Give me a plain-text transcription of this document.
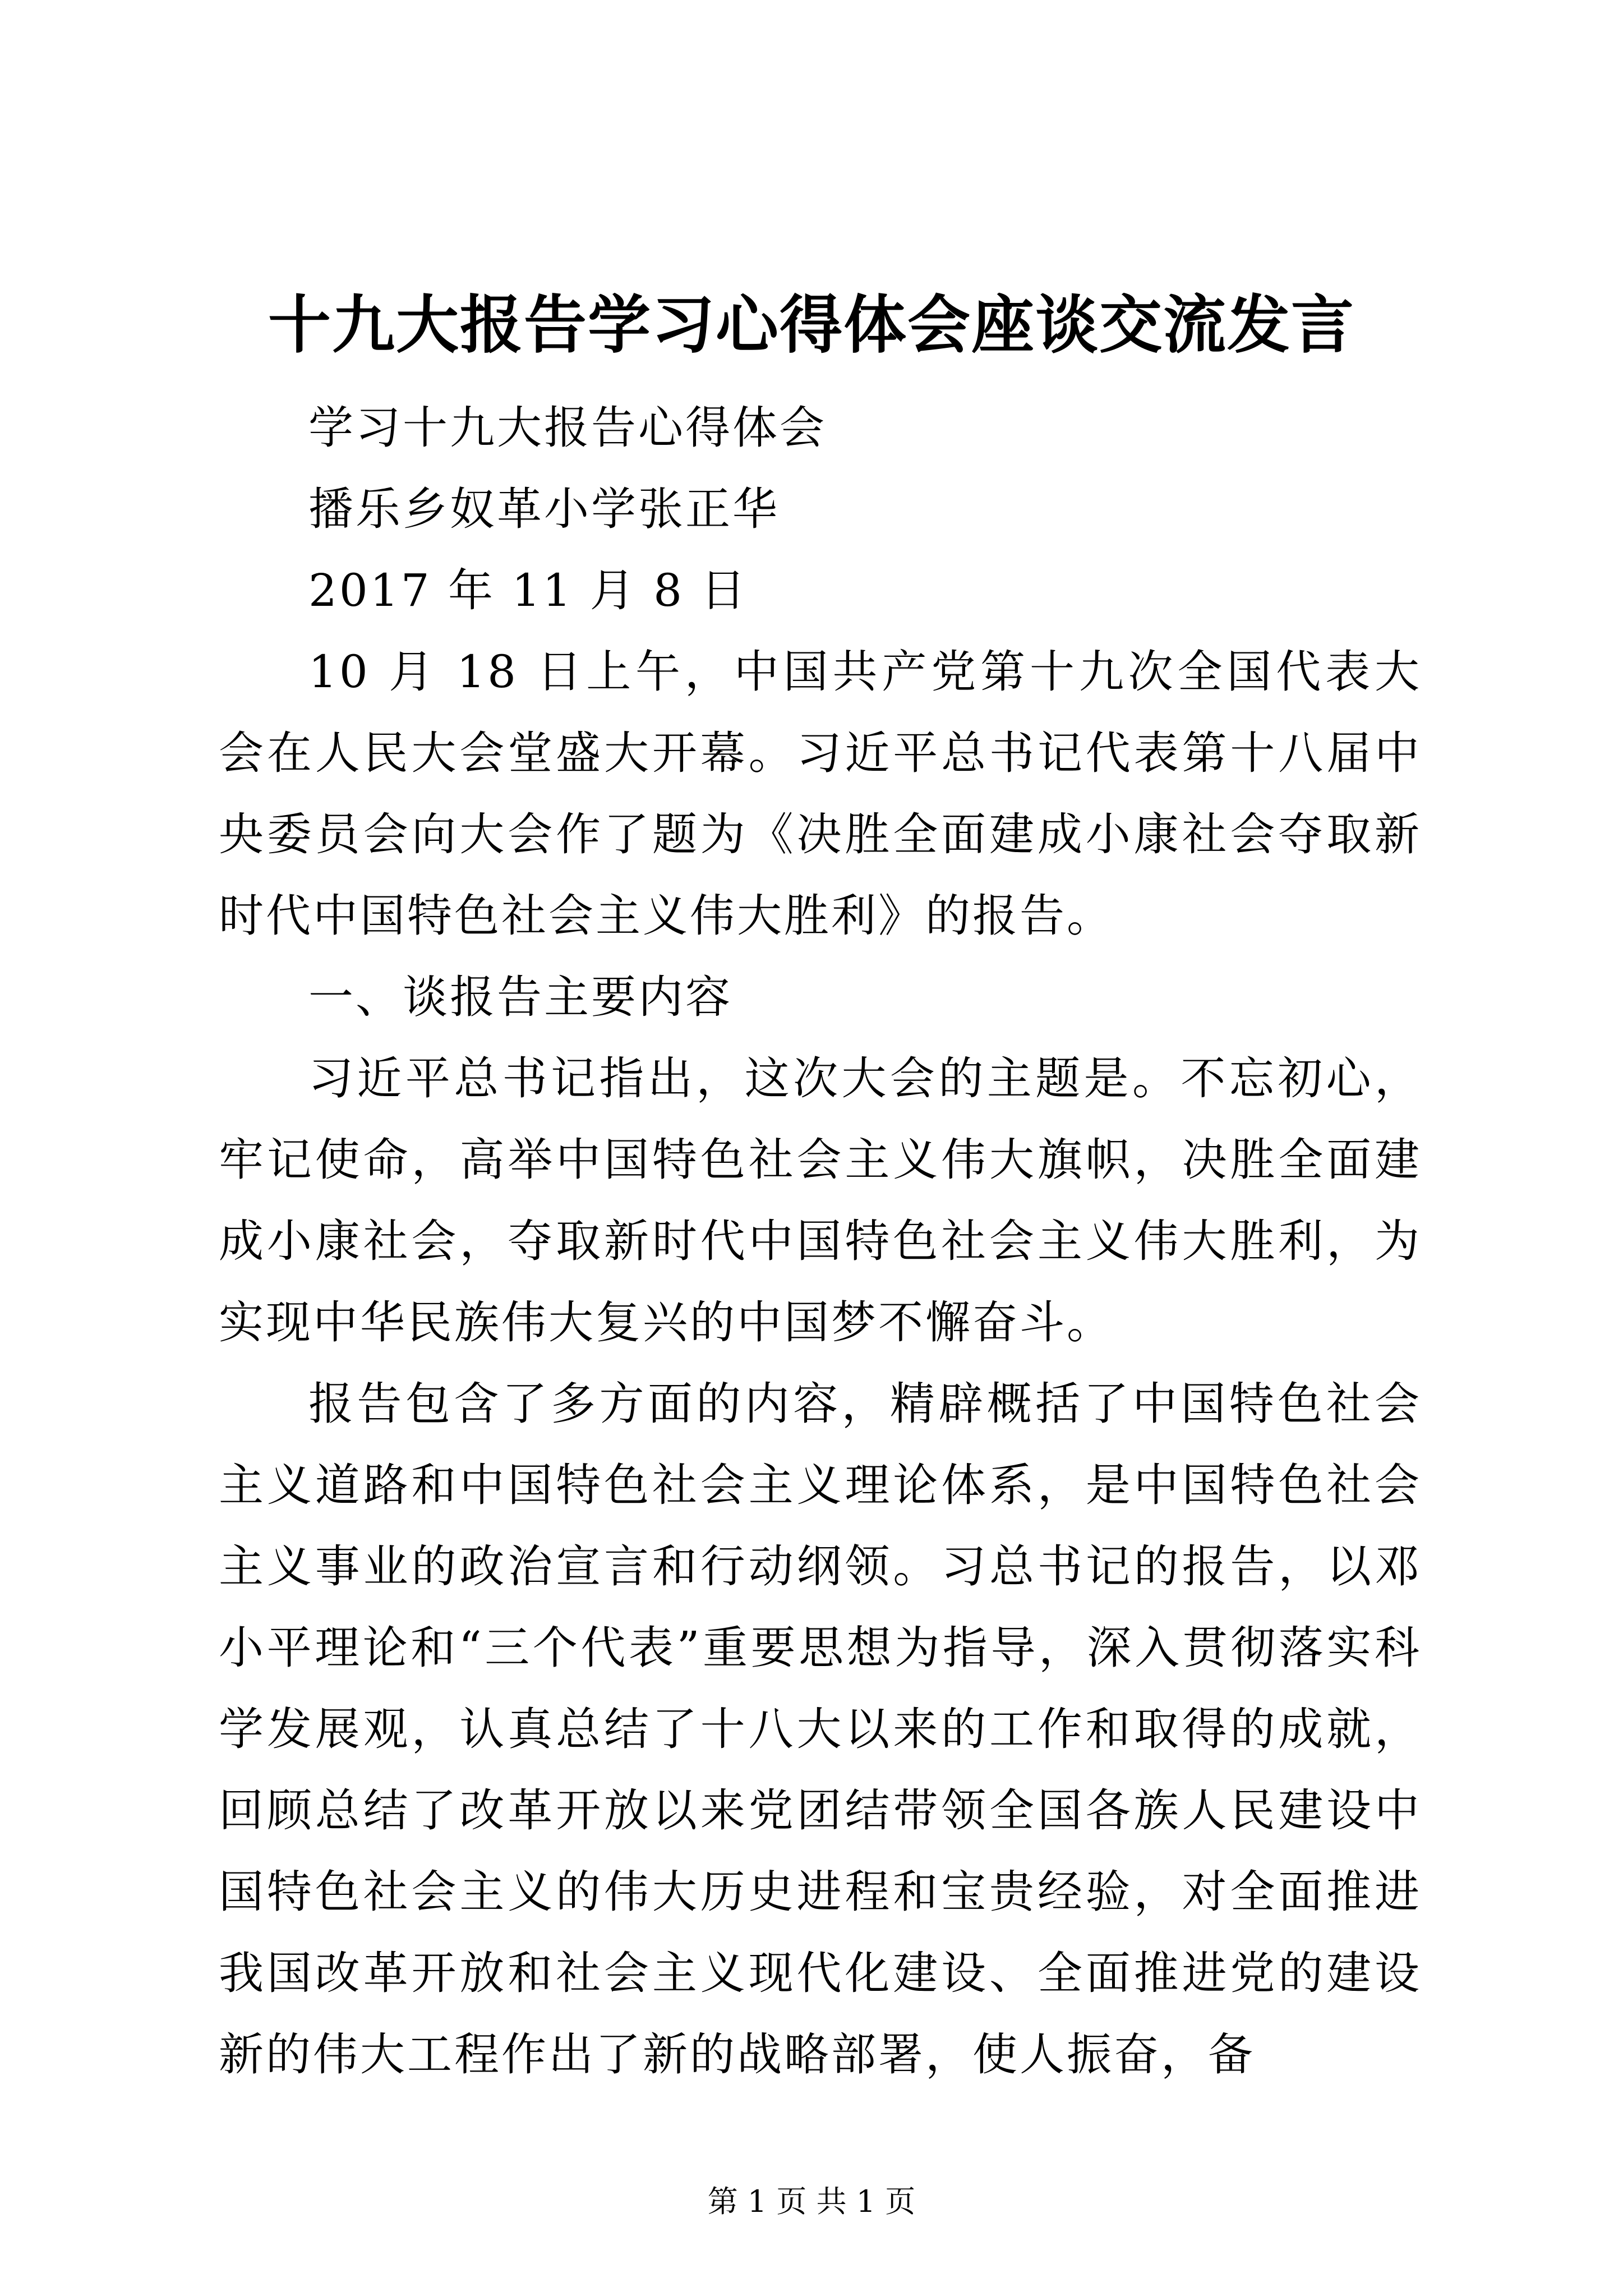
十九大报告学习心得体会座谈交流发言

学习十九大报告心得体会

播乐乡奴革小学张正华

2017 年 11 月 8 日

10 月 18 日上午，中国共产党第十九次全国代表大会在人民大会堂盛大开幕。习近平总书记代表第十八届中央委员会向大会作了题为《决胜全面建成小康社会夺取新时代中国特色社会主义伟大胜利》的报告。

一、谈报告主要内容

习近平总书记指出，这次大会的主题是。不忘初心，牢记使命，高举中国特色社会主义伟大旗帜，决胜全面建成小康社会，夺取新时代中国特色社会主义伟大胜利，为实现中华民族伟大复兴的中国梦不懈奋斗。

报告包含了多方面的内容，精辟概括了中国特色社会主义道路和中国特色社会主义理论体系，是中国特色社会主义事业的政治宣言和行动纲领。习总书记的报告，以邓小平理论和“三个代表”重要思想为指导，深入贯彻落实科学发展观，认真总结了十八大以来的工作和取得的成就，回顾总结了改革开放以来党团结带领全国各族人民建设中国特色社会主义的伟大历史进程和宝贵经验，对全面推进我国改革开放和社会主义现代化建设、全面推进党的建设新的伟大工程作出了新的战略部署，使人振奋，备

第 1 页 共 1 页
